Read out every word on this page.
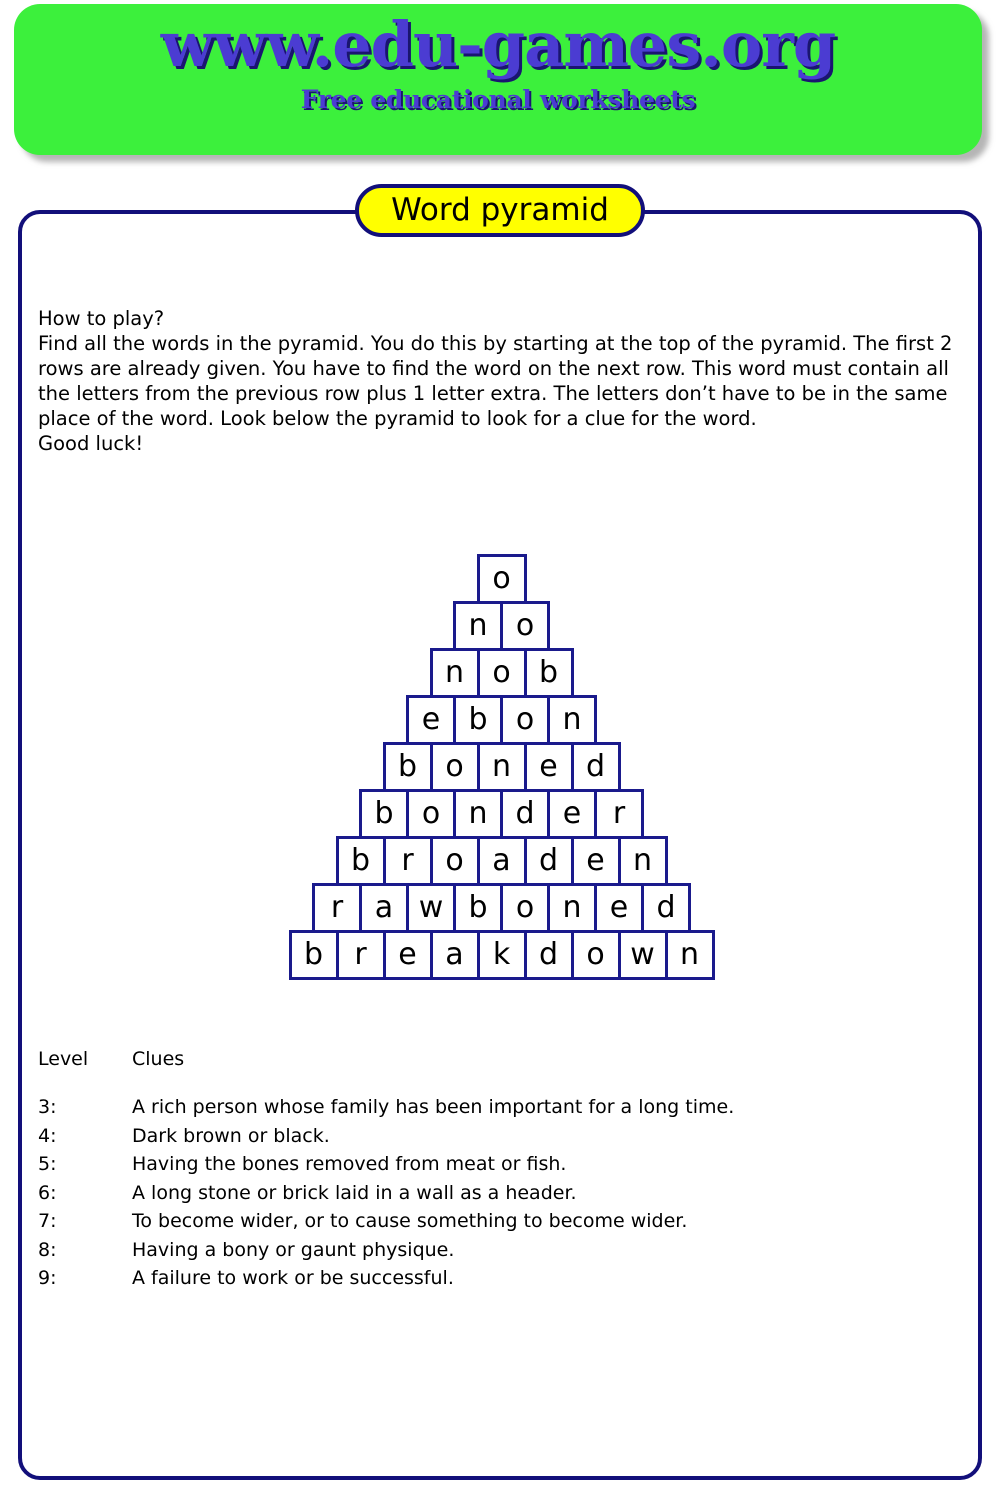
www.edu-games.org
Free educational worksheets
Word pyramid

How to play?

Find all the words in the pyramid. You do this by starting at the top of the pyramid. The first 2 rows are already given. You have to find the word on the next row. This word must contain all the letters from the previous row plus 1 letter extra. The letters don’t have to be in the same place of the word. Look below the pyramid to look for a clue for the word.

Good luck!

o
n o
n o b
e b o n
b o n e d
b o n d e	r
b	r	o a d e n
r	a w b o n e d
b	r	e a k d o w n
Level	Clues
3:	A rich person whose family has been important for a long time.
4:	Dark brown or black.
5:	Having the bones removed from meat or fish.
6:	A long stone or brick laid in a wall as a header.
7:	To become wider, or to cause something to become wider.
8:	Having a bony or gaunt physique.
9:	A failure to work or be successful.
